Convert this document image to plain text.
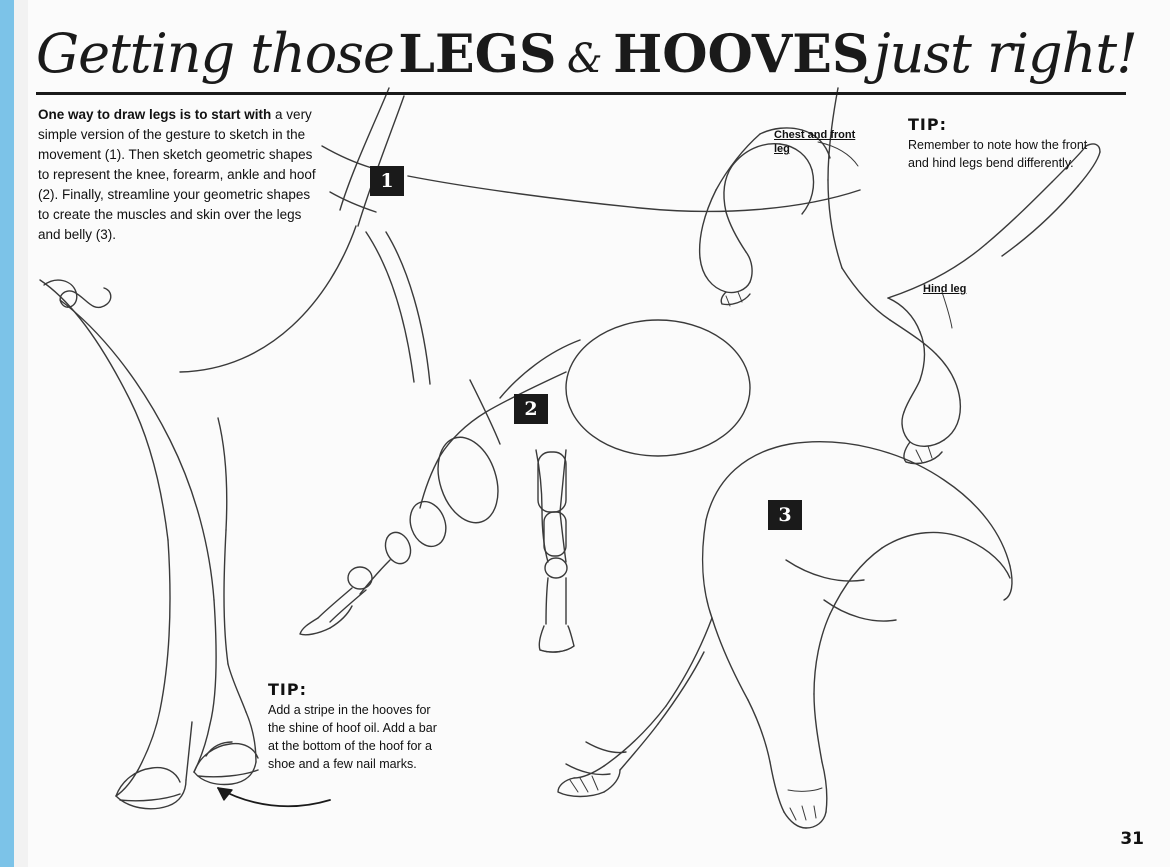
Getting those LEGS & HOOVES just right!
One way to draw legs is to start with a very simple version of the gesture to sketch in the movement (1). Then sketch geometric shapes to represent the knee, forearm, ankle and hoof (2). Finally, streamline your geometric shapes to create the muscles and skin over the legs and belly (3).
1
2
3
TIP:
Remember to note how the front and hind legs bend differently.
TIP:
Add a stripe in the hooves for the shine of hoof oil. Add a bar at the bottom of the hoof for a shoe and a few nail marks.
Chest and front leg
Hind leg
31
